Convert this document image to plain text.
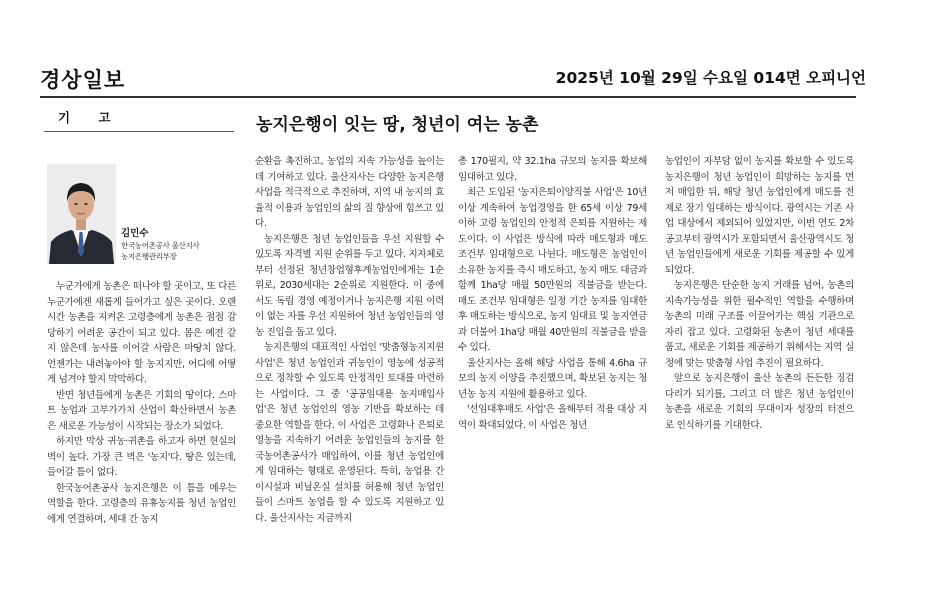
경상일보	2025년 10월 29일 수요일 014면 오피니언
기 고	농지은행이 잇는 땅, 청년이 여는 농촌
김민수
한국농어촌공사 울산지사
농지은행관리부장

누군가에게 농촌은 떠나야 할 곳이고, 또 다른 누군가에겐 새롭게 들어가고 싶은 곳이다. 오랜 시간 농촌을 지켜온 고령층에게 농촌은 점점 감당하기 어려운 공간이 되고 있다. 몸은 예전 같지 않은데 농사를 이어갈 사람은 마땅치 않다. 언젠가는 내려놓아야 할 농지지만, 어디에 어떻게 넘겨야 할지 막막하다.

반면 청년들에게 농촌은 기회의 땅이다. 스마트 농업과 고부가가치 산업이 확산하면서 농촌은 새로운 가능성이 시작되는 장소가 되었다.

하지만 막상 귀농·귀촌을 하고자 하면 현실의 벽이 높다. 가장 큰 벽은 '농지'다. 땅은 있는데, 들어갈 틈이 없다.

한국농어촌공사 농지은행은 이 틈을 메우는 역할을 한다. 고령층의 유휴농지를 청년 농업인에게 연결하며, 세대 간 농지

순환을 촉진하고, 농업의 지속 가능성을 높이는데 기여하고 있다. 울산지사는 다양한 농지은행 사업을 적극적으로 추진하며, 지역 내 농지의 효율적 이용과 농업인의 삶의 질 향상에 힘쓰고 있다.

농지은행은 청년 농업인들을 우선 지원할 수 있도록 자격별 지원 순위를 두고 있다. 지자체로부터 선정된 청년창업형후계농업인에게는 1순위로, 2030세대는 2순위로 지원한다. 이 중에서도 독립 경영 예정이거나 농지은행 지원 이력이 없는 자를 우선 지원하여 청년 농업인들의 영농 진입을 돕고 있다.

농지은행의 대표적인 사업인 '맞춤형농지지원 사업'은 청년 농업인과 귀농인이 영농에 성공적으로 정착할 수 있도록 안정적인 토대를 마련하는 사업이다. 그 중 '공공임대용 농지매입사업'은 청년 농업인의 영농 기반을 확보하는 데 중요한 역할을 한다. 이 사업은 고령화나 은퇴로 영농을 지속하기 어려운 농업인들의 농지를 한국농어촌공사가 매입하여, 이를 청년 농업인에게 임대하는 형태로 운영된다. 특히, 농업용 간이시설과 비닐온실 설치를 허용해 청년 농업인들이 스마트 농업을 할 수 있도록 지원하고 있다. 울산지사는 지금까지

총 170필지, 약 32.1ha 규모의 농지를 확보해 임대하고 있다.

최근 도입된 '농지은퇴이양직불 사업'은 10년 이상 계속하여 농업경영을 한 65세 이상 79세 이하 고령 농업인의 안정적 은퇴를 지원하는 제도이다. 이 사업은 방식에 따라 매도형과 매도 조건부 임대형으로 나뉜다. 매도형은 농업인이 소유한 농지를 즉시 매도하고, 농지 매도 대금과 함께 1ha당 매월 50만원의 직불금을 받는다. 매도 조건부 임대형은 일정 기간 농지를 임대한 후 매도하는 방식으로, 농지 임대료 및 농지연금과 더불어 1ha당 매월 40만원의 직불금을 받을 수 있다.

울산지사는 올해 해당 사업을 통해 4.6ha 규모의 농지 이양을 추진했으며, 확보된 농지는 청년농 농지 지원에 활용하고 있다.

'선임대후매도 사업'은 올해부터 적용 대상 지역이 확대되었다. 이 사업은 청년

농업인이 자부담 없이 농지를 확보할 수 있도록 농지은행이 청년 농업인이 희망하는 농지를 먼저 매입한 뒤, 해당 청년 농업인에게 매도를 전제로 장기 임대하는 방식이다. 광역시는 기존 사업 대상에서 제외되어 있었지만, 이번 연도 2차 공고부터 광역시가 포함되면서 울산광역시도 청년 농업인들에게 새로운 기회를 제공할 수 있게 되었다.

농지은행은 단순한 농지 거래를 넘어, 농촌의 지속가능성을 위한 필수적인 역할을 수행하며 농촌의 미래 구조를 이끌어가는 핵심 기관으로 자리 잡고 있다. 고령화된 농촌이 청년 세대를 품고, 새로운 기회를 제공하기 위해서는 지역 실정에 맞는 맞춤형 사업 추진이 필요하다.

앞으로 농지은행이 울산 농촌의 든든한 징검다리가 되기를, 그리고 더 많은 청년 농업인이 농촌을 새로운 기회의 무대이자 성장의 터전으로 인식하기를 기대한다.
